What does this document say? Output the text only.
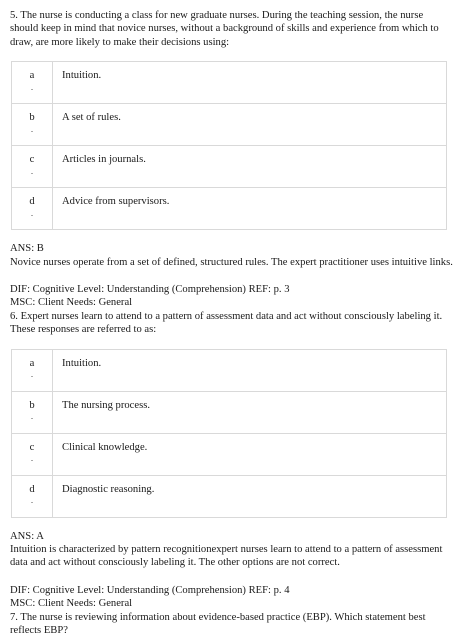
5. The nurse is conducting a class for new graduate nurses. During the teaching session, the nurse should keep in mind that novice nurses, without a background of skills and experience from which to draw, are more likely to make their decisions using:

a
.	Intuition.

b
.	A set of rules.

c
.	Articles in journals.

d
.	Advice from supervisors.

ANS: B

Novice nurses operate from a set of defined, structured rules. The expert practitioner uses intuitive links.

DIF: Cognitive Level: Understanding (Comprehension) REF: p. 3

MSC: Client Needs: General

6. Expert nurses learn to attend to a pattern of assessment data and act without consciously labeling it. These responses are referred to as:

a
.	Intuition.

b
.	The nursing process.

c
.	Clinical knowledge.

d
.	Diagnostic reasoning.

ANS: A

Intuition is characterized by pattern recognitionexpert nurses learn to attend to a pattern of assessment data and act without consciously labeling it. The other options are not correct.

DIF: Cognitive Level: Understanding (Comprehension) REF: p. 4

MSC: Client Needs: General

7. The nurse is reviewing information about evidence-based practice (EBP). Which statement best reflects EBP?
